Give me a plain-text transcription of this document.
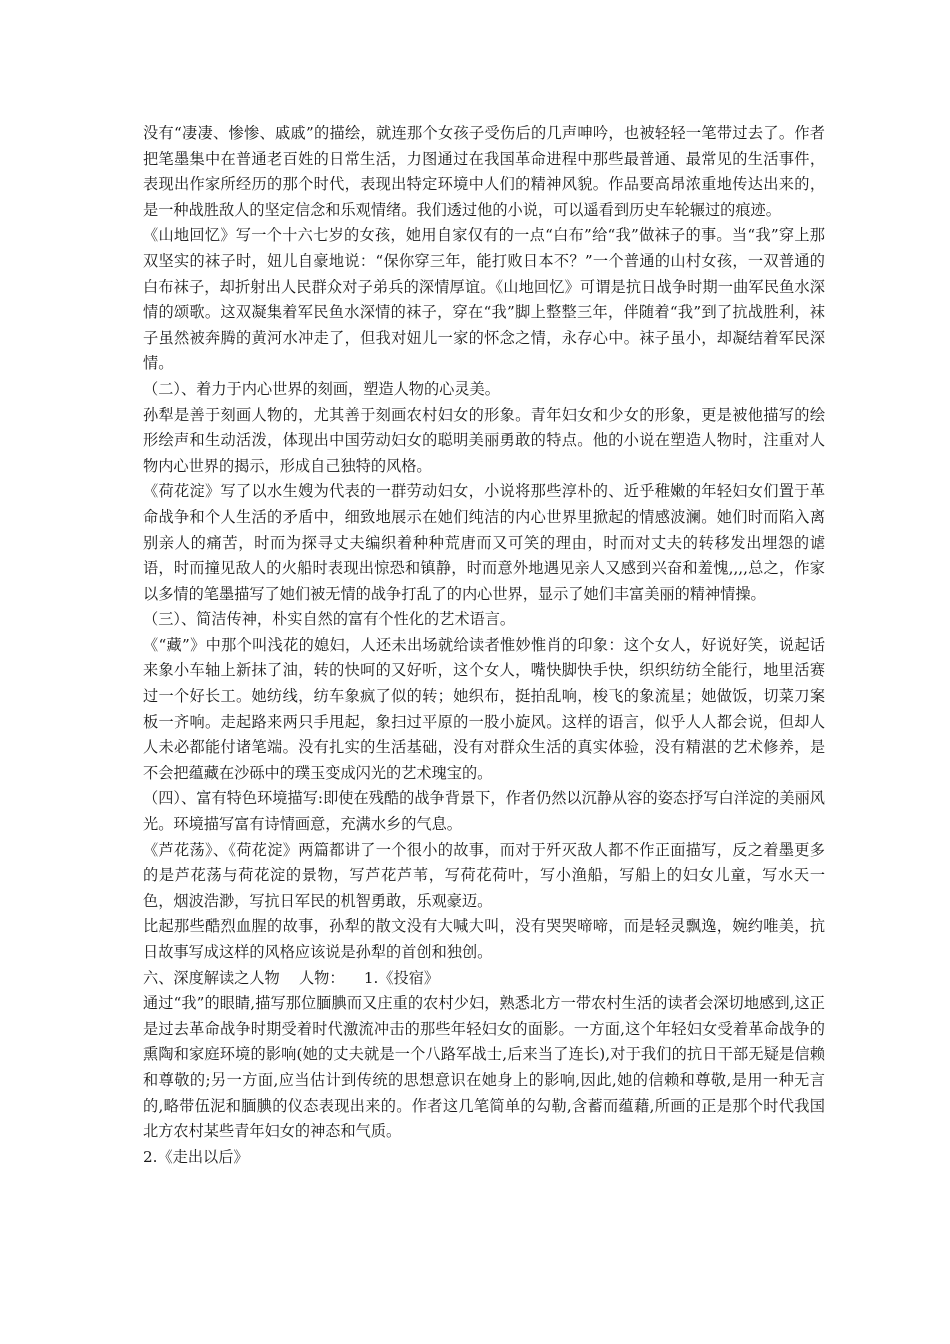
没有“凄凄、惨惨、戚戚”的描绘，就连那个女孩子受伤后的几声呻吟，也被轻轻一笔带过去了。作者把笔墨集中在普通老百姓的日常生活，力图通过在我国革命进程中那些最普通、最常见的生活事件，表现出作家所经历的那个时代，表现出特定环境中人们的精神风貌。作品要高昂浓重地传达出来的，是一种战胜敌人的坚定信念和乐观情绪。我们透过他的小说，可以遥看到历史车轮辗过的痕迹。

《山地回忆》写一个十六七岁的女孩，她用自家仅有的一点“白布”给“我”做袜子的事。当“我”穿上那双坚实的袜子时，妞儿自豪地说：“保你穿三年，能打败日本不？”一个普通的山村女孩，一双普通的白布袜子，却折射出人民群众对子弟兵的深情厚谊。《山地回忆》可谓是抗日战争时期一曲军民鱼水深情的颂歌。这双凝集着军民鱼水深情的袜子，穿在“我”脚上整整三年，伴随着“我”到了抗战胜利，袜子虽然被奔腾的黄河水冲走了，但我对妞儿一家的怀念之情，永存心中。袜子虽小，却凝结着军民深情。

（二）、着力于内心世界的刻画，塑造人物的心灵美。

孙犁是善于刻画人物的，尤其善于刻画农村妇女的形象。青年妇女和少女的形象，更是被他描写的绘形绘声和生动活泼，体现出中国劳动妇女的聪明美丽勇敢的特点。他的小说在塑造人物时，注重对人物内心世界的揭示，形成自己独特的风格。

《荷花淀》写了以水生嫂为代表的一群劳动妇女，小说将那些淳朴的、近乎稚嫩的年轻妇女们置于革命战争和个人生活的矛盾中，细致地展示在她们纯洁的内心世界里掀起的情感波澜。她们时而陷入离别亲人的痛苦，时而为探寻丈夫编织着种种荒唐而又可笑的理由，时而对丈夫的转移发出埋怨的谑语，时而撞见敌人的火船时表现出惊恐和镇静，时而意外地遇见亲人又感到兴奋和羞愧,,,,总之，作家以多情的笔墨描写了她们被无情的战争打乱了的内心世界，显示了她们丰富美丽的精神情操。

（三）、简洁传神，朴实自然的富有个性化的艺术语言。

《“藏”》中那个叫浅花的媳妇，人还未出场就给读者惟妙惟肖的印象：这个女人，好说好笑，说起话来象小车轴上新抹了油，转的快呵的又好听，这个女人，嘴快脚快手快，织织纺纺全能行，地里活赛过一个好长工。她纺线，纺车象疯了似的转；她织布，挺拍乱响，梭飞的象流星；她做饭，切菜刀案板一齐响。走起路来两只手甩起，象扫过平原的一股小旋风。这样的语言，似乎人人都会说，但却人人未必都能付诸笔端。没有扎实的生活基础，没有对群众生活的真实体验，没有精湛的艺术修养，是不会把蕴藏在沙砾中的璞玉变成闪光的艺术瑰宝的。

（四）、富有特色环境描写:即使在残酷的战争背景下，作者仍然以沉静从容的姿态抒写白洋淀的美丽风光。环境描写富有诗情画意，充满水乡的气息。

《芦花荡》、《荷花淀》两篇都讲了一个很小的故事，而对于歼灭敌人都不作正面描写，反之着墨更多的是芦花荡与荷花淀的景物，写芦花芦苇，写荷花荷叶，写小渔船，写船上的妇女儿童，写水天一色，烟波浩渺，写抗日军民的机智勇敢，乐观豪迈。

比起那些酷烈血腥的故事，孙犁的散文没有大喊大叫，没有哭哭啼啼，而是轻灵飘逸，婉约唯美，抗日故事写成这样的风格应该说是孙犁的首创和独创。

六、深度解读之人物    人物：    1.《投宿》

通过“我”的眼睛,描写那位腼腆而又庄重的农村少妇，熟悉北方一带农村生活的读者会深切地感到,这正是过去革命战争时期受着时代激流冲击的那些年轻妇女的面影。一方面,这个年轻妇女受着革命战争的熏陶和家庭环境的影响(她的丈夫就是一个八路军战士,后来当了连长),对于我们的抗日干部无疑是信赖和尊敬的;另一方面,应当估计到传统的思想意识在她身上的影响,因此,她的信赖和尊敬,是用一种无言的,略带伍泥和腼腆的仪态表现出来的。作者这几笔简单的勾勒,含蓄而蕴藉,所画的正是那个时代我国北方农村某些青年妇女的神态和气质。

2.《走出以后》
